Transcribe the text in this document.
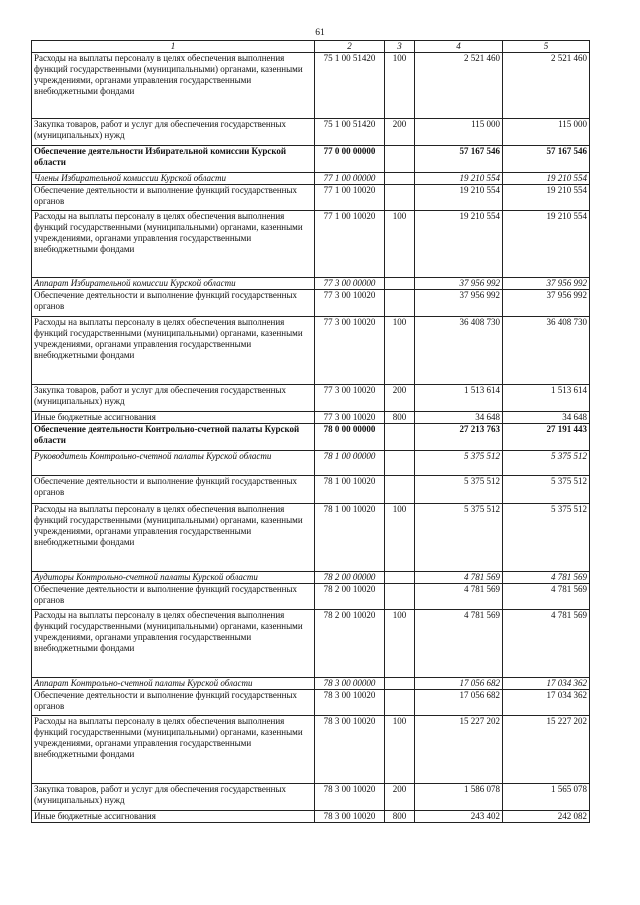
61
1	2	3	4	5
Расходы на выплаты персоналу в целях обеспечения выполнения функций государственными (муниципальными) органами, казенными учреждениями, органами управления государственными внебюджетными фондами	75 1 00 51420	100	2 521 460	2 521 460
Закупка товаров, работ и услуг для обеспечения государственных (муниципальных) нужд	75 1 00 51420	200	115 000	115 000
Обеспечение деятельности Избирательной комиссии Курской области	77 0 00 00000		57 167 546	57 167 546
Члены Избирательной комиссии Курской области	77 1 00 00000		19 210 554	19 210 554
Обеспечение деятельности и выполнение функций государственных органов	77 1 00 10020		19 210 554	19 210 554
Расходы на выплаты персоналу в целях обеспечения выполнения функций государственными (муниципальными) органами, казенными учреждениями, органами управления государственными внебюджетными фондами	77 1 00 10020	100	19 210 554	19 210 554
Аппарат Избирательной комиссии Курской области	77 3 00 00000		37 956 992	37 956 992
Обеспечение деятельности и выполнение функций государственных органов	77 3 00 10020		37 956 992	37 956 992
Расходы на выплаты персоналу в целях обеспечения выполнения функций государственными (муниципальными) органами, казенными учреждениями, органами управления государственными внебюджетными фондами	77 3 00 10020	100	36 408 730	36 408 730
Закупка товаров, работ и услуг для обеспечения государственных (муниципальных) нужд	77 3 00 10020	200	1 513 614	1 513 614
Иные бюджетные ассигнования	77 3 00 10020	800	34 648	34 648
Обеспечение деятельности Контрольно-счетной палаты Курской области	78 0 00 00000		27 213 763	27 191 443
Руководитель Контрольно-счетной палаты Курской области	78 1 00 00000		5 375 512	5 375 512
Обеспечение деятельности и выполнение функций государственных органов	78 1 00 10020		5 375 512	5 375 512
Расходы на выплаты персоналу в целях обеспечения выполнения функций государственными (муниципальными) органами, казенными учреждениями, органами управления государственными внебюджетными фондами	78 1 00 10020	100	5 375 512	5 375 512
Аудиторы Контрольно-счетной палаты Курской области	78 2 00 00000		4 781 569	4 781 569
Обеспечение деятельности и выполнение функций государственных органов	78 2 00 10020		4 781 569	4 781 569
Расходы на выплаты персоналу в целях обеспечения выполнения функций государственными (муниципальными) органами, казенными учреждениями, органами управления государственными внебюджетными фондами	78 2 00 10020	100	4 781 569	4 781 569
Аппарат Контрольно-счетной палаты Курской области	78 3 00 00000		17 056 682	17 034 362
Обеспечение деятельности и выполнение функций государственных органов	78 3 00 10020		17 056 682	17 034 362
Расходы на выплаты персоналу в целях обеспечения выполнения функций государственными (муниципальными) органами, казенными учреждениями, органами управления государственными внебюджетными фондами	78 3 00 10020	100	15 227 202	15 227 202
Закупка товаров, работ и услуг для обеспечения государственных (муниципальных) нужд	78 3 00 10020	200	1 586 078	1 565 078
Иные бюджетные ассигнования	78 3 00 10020	800	243 402	242 082
